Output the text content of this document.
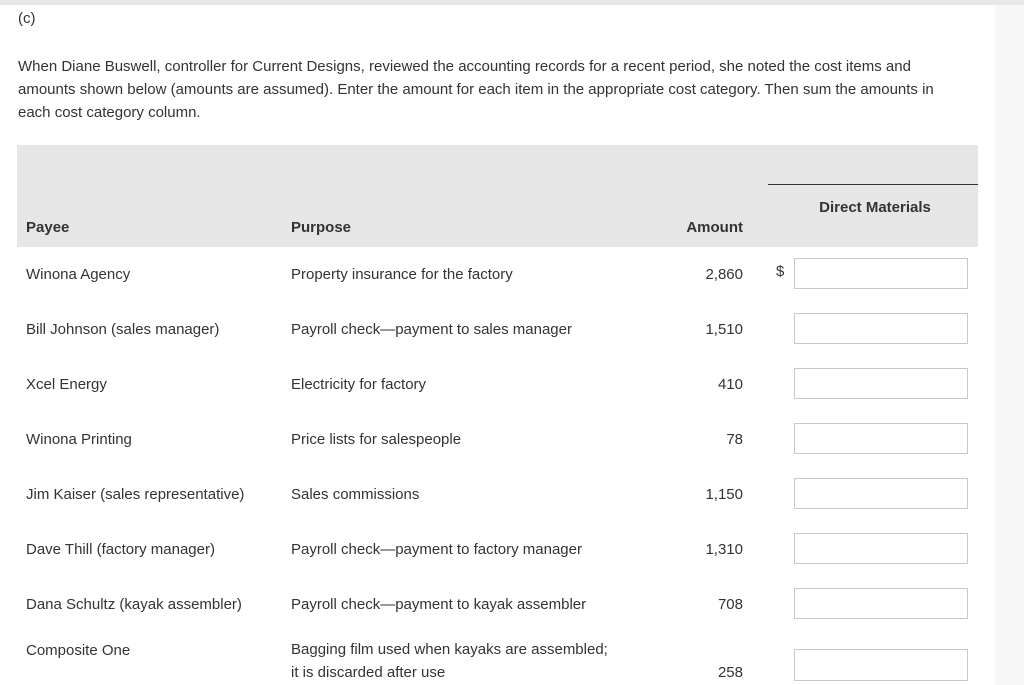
(c)

When Diane Buswell, controller for Current Designs, reviewed the accounting records for a recent period, she noted the cost items and amounts shown below (amounts are assumed). Enter the amount for each item in the appropriate cost category. Then sum the amounts in each cost category column.

Payee	Purpose	Amount
Direct Materials
Winona Agency	Property insurance for the factory	2,860 $
Bill Johnson (sales manager)	Payroll check—payment to sales manager	1,510
Xcel Energy	Electricity for factory	410
Winona Printing	Price lists for salespeople	78
Jim Kaiser (sales representative)	Sales commissions	1,150
Dave Thill (factory manager)	Payroll check—payment to factory manager	1,310
Dana Schultz (kayak assembler)	Payroll check—payment to kayak assembler	708
Composite One	Bagging film used when kayaks are assembled;
it is discarded after use	258
